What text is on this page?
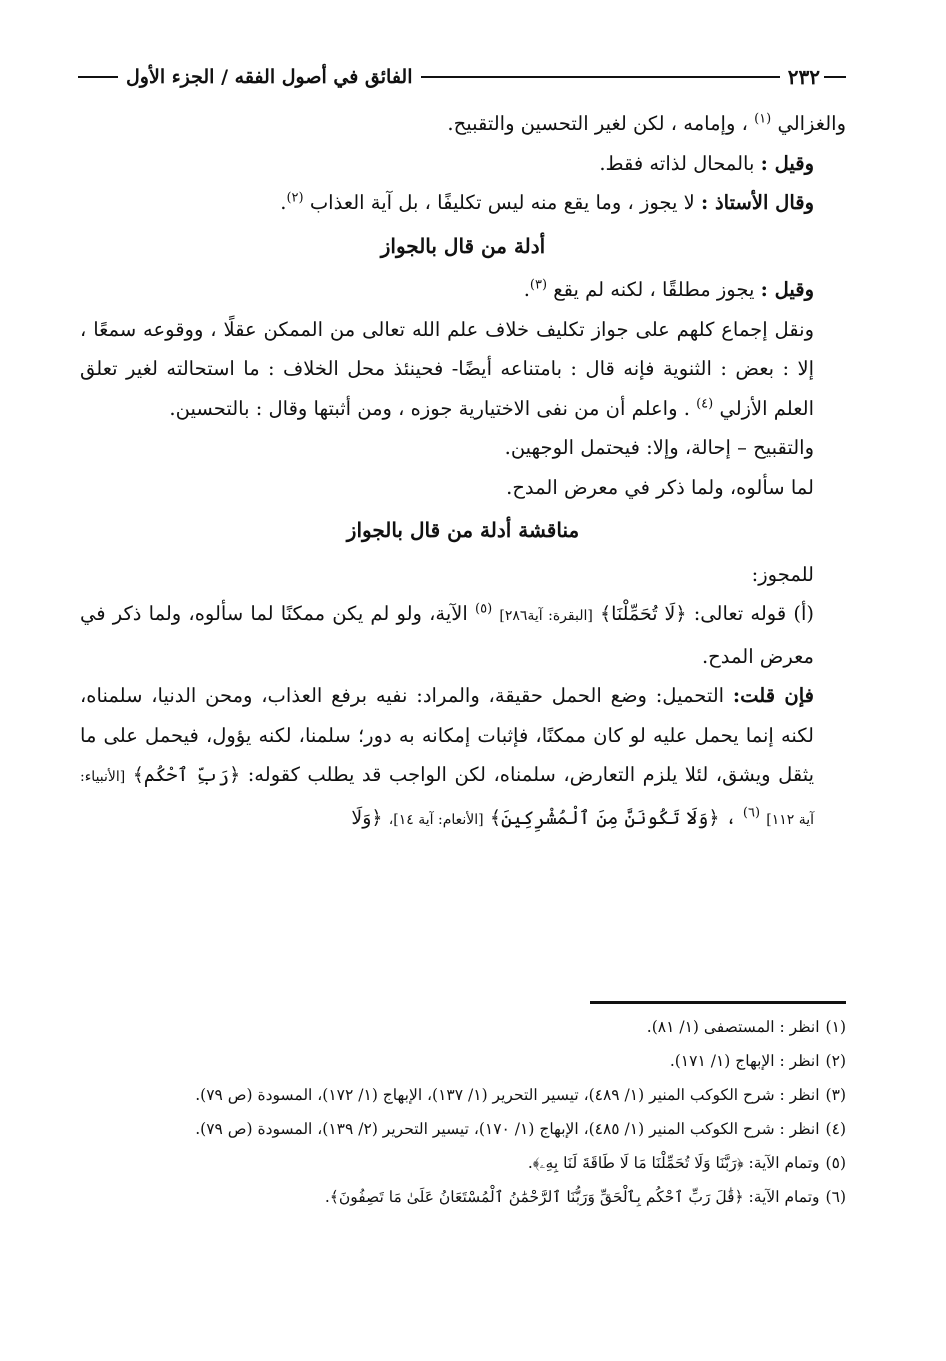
الفائق في أصول الفقه / الجزء الأول	٢٣٢

والغزالي $^{(١)}$ ، وإمامه ، لكن لغير التحسين والتقبيح.

وقيل : بالمحال لذاته فقط.

وقال الأستاذ : لا يجوز ، وما يقع منه ليس تكليفًا ، بل آية العذاب $^{(٢)}$.

أدلة من قال بالجواز

وقيل : يجوز مطلقًا ، لكنه لم يقع $^{(٣)}$.

ونقل إجماع كلهم على جواز تكليف خلاف علم الله تعالى من الممكن عقلًا ، ووقوعه سمعًا ، إلا : بعض : الثنوية فإنه قال : بامتناعه أيضًا- فحينئذ محل الخلاف : ما استحالته لغير تعلق العلم الأزلي $^{(٤)}$ . واعلم أن من نفى الاختيارية جوزه ، ومن أثبتها وقال : بالتحسين.

والتقبيح – إحالة، وإلا: فيحتمل الوجهين.

لما سألوه، ولما ذكر في معرض المدح.

مناقشة أدلة من قال بالجواز

للمجوز:

(أ) قوله تعالى: ﴿لَا تُحَمِّلْنَا﴾ [البقرة: آية٢٨٦] $^{(٥)}$ الآية، ولو لم يكن ممكنًا لما سألوه، ولما ذكر في معرض المدح.

فإن قلت: التحميل: وضع الحمل حقيقة، والمراد: نفيه برفع العذاب، ومحن الدنيا، سلمناه، لكنه إنما يحمل عليه لو كان ممكنًا، فإثبات إمكانه به دور؛ سلمنا، لكنه يؤول، فيحمل على ما يثقل ويشق، لئلا يلزم التعارض، سلمناه، لكن الواجب قد يطلب كقوله: ﴿رَبِّ ٱحْكُم﴾ [الأنبياء: آية ١١٢] $^{(٦)}$ ، ﴿وَلَا تَكُونَنَّ مِنَ ٱلْمُشْرِكِينَ﴾ [الأنعام: آية ١٤]، ﴿وَلَا

(١)انظر : المستصفى (١/ ٨١).

(٢)انظر : الإبهاج (١/ ١٧١).

(٣)انظر : شرح الكوكب المنير (١/ ٤٨٩)، تيسير التحرير (١/ ١٣٧)، الإبهاج (١/ ١٧٢)، المسودة (ص ٧٩).

(٤)انظر : شرح الكوكب المنير (١/ ٤٨٥)، الإبهاج (١/ ١٧٠)، تيسير التحرير (٢/ ١٣٩)، المسودة (ص ٧٩).

(٥)وتمام الآية: ﴿رَبَّنَا وَلَا تُحَمِّلْنَا مَا لَا طَاقَةَ لَنَا بِهِۦ﴾.

(٦)وتمام الآية: ﴿قَٰلَ رَبِّ ٱحْكُم بِٱلْحَقِّ وَرَبُّنَا ٱلرَّحْمَٰنُ ٱلْمُسْتَعَانُ عَلَىٰ مَا تَصِفُونَ﴾.
